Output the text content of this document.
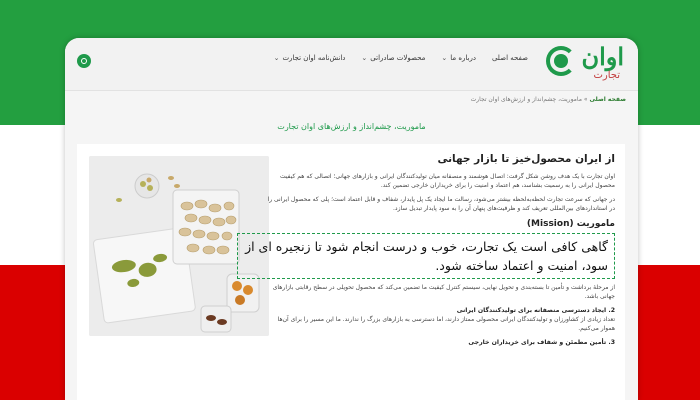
اوان
تجارت
صفحه اصلی
درباره ما
⌄
محصولات صادراتی
⌄
دانش‌نامه اوان تجارت
⌄
صفحه اصلی » ماموریت، چشم‌انداز و ارزش‌های اوان تجارت
ماموریت، چشم‌انداز و ارزش‌های اوان تجارت
از ایران محصول‌خیز تا بازار جهانی
اوان تجارت با یک هدف روشن شکل گرفت: اتصال هوشمند و منصفانه میان تولیدکنندگان ایرانی و بازارهای جهانی؛ اتصالی که هم کیفیت محصول ایرانی را به رسمیت بشناسد، هم اعتماد و امنیت را برای خریداران خارجی تضمین کند.
در جهانی که سرعت تجارت لحظه‌به‌لحظه بیشتر می‌شود، رسالت ما ایجاد یک پل پایدار، شفاف و قابل اعتماد است؛ پلی که محصول ایرانی را در استانداردهای بین‌المللی تعریف کند و ظرفیت‌های پنهان آن را به سود پایدار تبدیل سازد.
ماموریت (Mission)
گاهی کافی است یک تجارت، خوب و درست انجام شود تا زنجیره ای از سود، امنیت و اعتماد ساخته شود.
از مرحلهٔ برداشت و تأمین تا بسته‌بندی و تحویل نهایی، سیستم کنترل کیفیت ما تضمین می‌کند که محصول تحویلی در سطح رقابتی بازارهای جهانی باشد.
2. ایجاد دسترسی منصفانه برای تولیدکنندگان ایرانی
تعداد زیادی از کشاورزان و تولیدکنندگان ایرانی محصولی ممتاز دارند، اما دسترسی به بازارهای بزرگ را ندارند. ما این مسیر را برای آن‌ها هموار می‌کنیم.
3. تأمین مطمئن و شفاف برای خریداران خارجی
